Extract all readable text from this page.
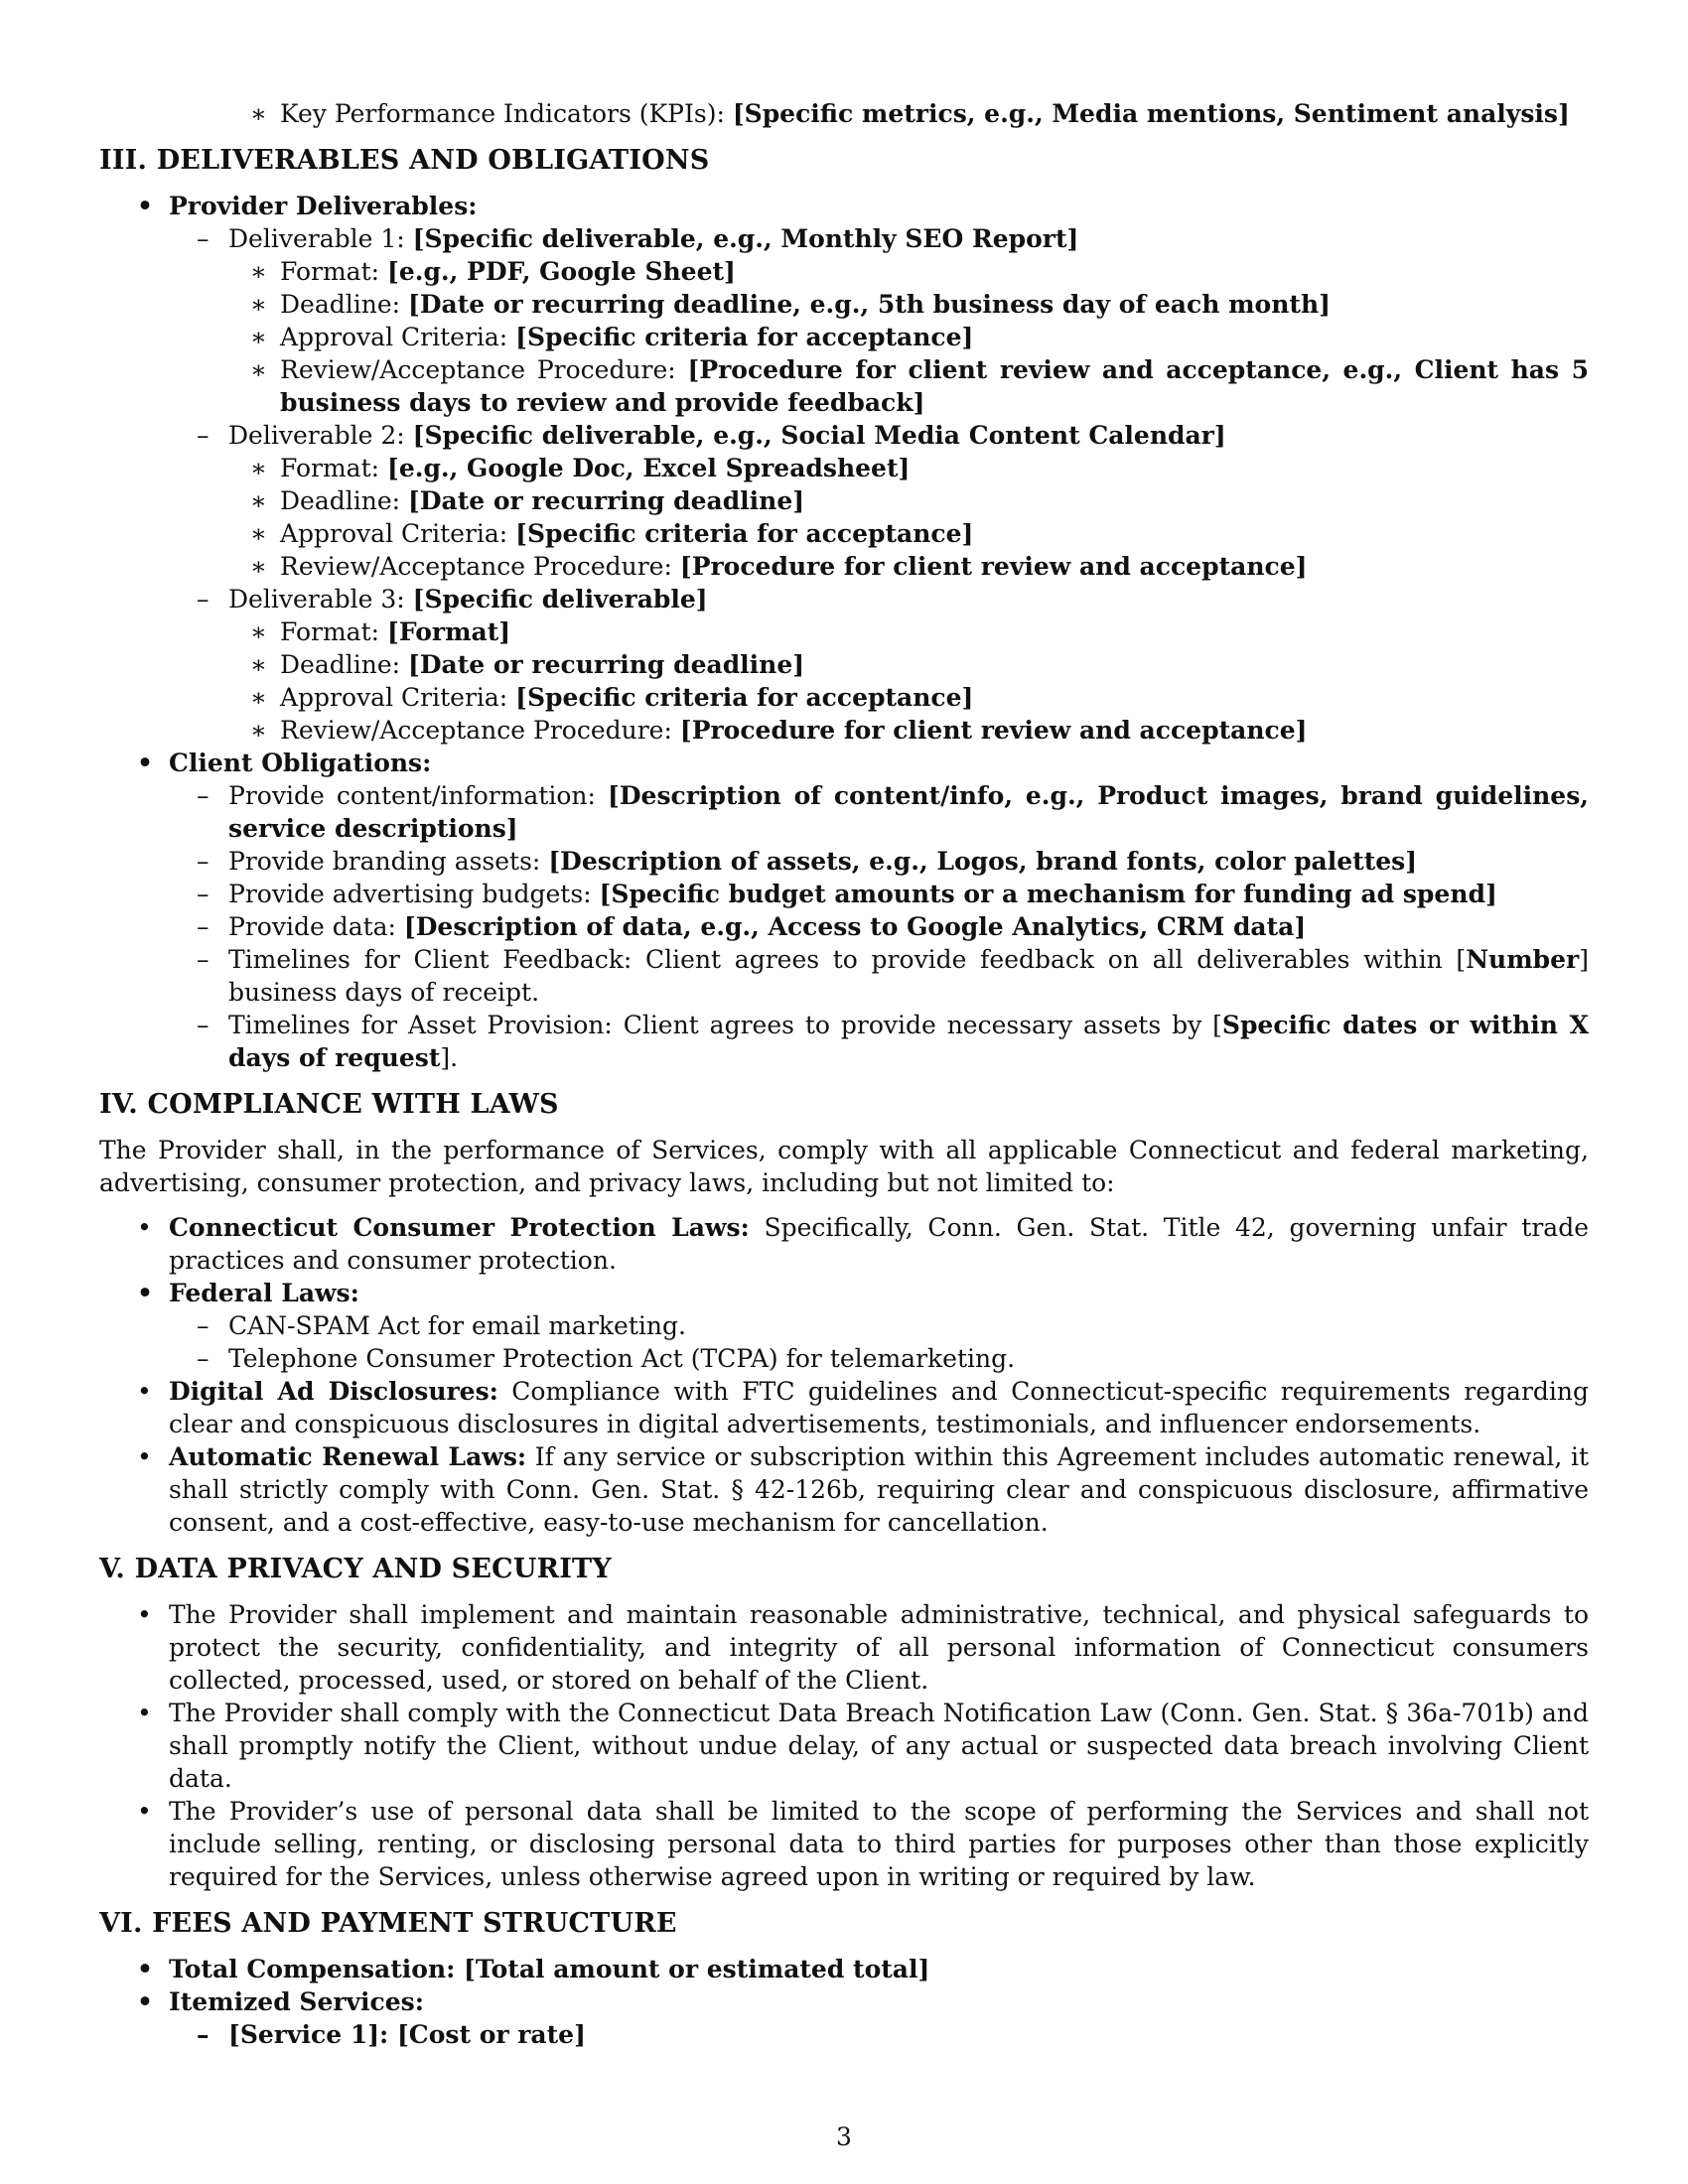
∗ Key Performance Indicators (KPIs): [Specific metrics, e.g., Media mentions, Sentiment analysis]
III. DELIVERABLES AND OBLIGATIONS
• Provider Deliverables:
– Deliverable 1: [Specific deliverable, e.g., Monthly SEO Report]
∗ Format: [e.g., PDF, Google Sheet]
∗ Deadline: [Date or recurring deadline, e.g., 5th business day of each month]
∗ Approval Criteria: [Specific criteria for acceptance]
∗ Review/Acceptance Procedure: [Procedure for client review and acceptance, e.g., Client has 5 business days to review and provide feedback]
– Deliverable 2: [Specific deliverable, e.g., Social Media Content Calendar]
∗ Format: [e.g., Google Doc, Excel Spreadsheet]
∗ Deadline: [Date or recurring deadline]
∗ Approval Criteria: [Specific criteria for acceptance]
∗ Review/Acceptance Procedure: [Procedure for client review and acceptance]
– Deliverable 3: [Specific deliverable]
∗ Format: [Format]
∗ Deadline: [Date or recurring deadline]
∗ Approval Criteria: [Specific criteria for acceptance]
∗ Review/Acceptance Procedure: [Procedure for client review and acceptance]
• Client Obligations:
– Provide content/information: [Description of content/info, e.g., Product images, brand guidelines, service descriptions]
– Provide branding assets: [Description of assets, e.g., Logos, brand fonts, color palettes]
– Provide advertising budgets: [Specific budget amounts or a mechanism for funding ad spend]
– Provide data: [Description of data, e.g., Access to Google Analytics, CRM data]
– Timelines for Client Feedback: Client agrees to provide feedback on all deliverables within [Number] business days of receipt.
– Timelines for Asset Provision: Client agrees to provide necessary assets by [Specific dates or within X days of request].
IV. COMPLIANCE WITH LAWS

The Provider shall, in the performance of Services, comply with all applicable Connecticut and federal marketing, advertising, consumer protection, and privacy laws, including but not limited to:

• Connecticut Consumer Protection Laws: Specifically, Conn. Gen. Stat. Title 42, governing unfair trade practices and consumer protection.
• Federal Laws:
– CAN-SPAM Act for email marketing.
– Telephone Consumer Protection Act (TCPA) for telemarketing.
• Digital Ad Disclosures: Compliance with FTC guidelines and Connecticut-specific requirements regarding clear and conspicuous disclosures in digital advertisements, testimonials, and influencer endorsements.
• Automatic Renewal Laws: If any service or subscription within this Agreement includes automatic renewal, it shall strictly comply with Conn. Gen. Stat. § 42-126b, requiring clear and conspicuous disclosure, affirmative consent, and a cost-effective, easy-to-use mechanism for cancellation.
V. DATA PRIVACY AND SECURITY
• The Provider shall implement and maintain reasonable administrative, technical, and physical safeguards to protect the security, confidentiality, and integrity of all personal information of Connecticut consumers collected, processed, used, or stored on behalf of the Client.
• The Provider shall comply with the Connecticut Data Breach Notification Law (Conn. Gen. Stat. § 36a-701b) and shall promptly notify the Client, without undue delay, of any actual or suspected data breach involving Client data.
• The Provider’s use of personal data shall be limited to the scope of performing the Services and shall not include selling, renting, or disclosing personal data to third parties for purposes other than those explicitly required for the Services, unless otherwise agreed upon in writing or required by law.
VI. FEES AND PAYMENT STRUCTURE
• Total Compensation: [Total amount or estimated total]
• Itemized Services:
– [Service 1]: [Cost or rate]
3
